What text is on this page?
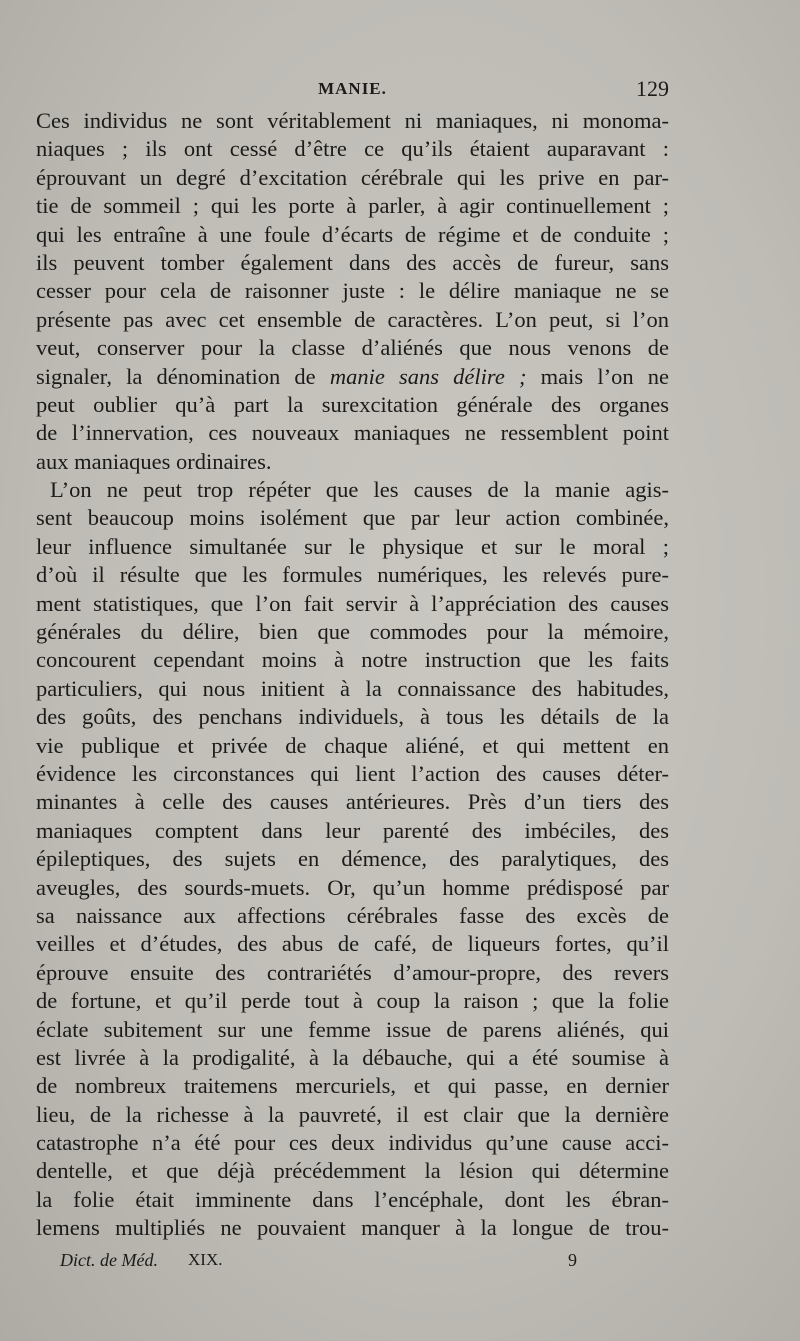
MANIE.	129
Ces individus ne sont véritablement ni maniaques, ni monoma-
niaques ; ils ont cessé d’être ce qu’ils étaient auparavant :
éprouvant un degré d’excitation cérébrale qui les prive en par-
tie de sommeil ; qui les porte à parler, à agir continuellement ;
qui les entraîne à une foule d’écarts de régime et de conduite ;
ils peuvent tomber également dans des accès de fureur, sans
cesser pour cela de raisonner juste : le délire maniaque ne se
présente pas avec cet ensemble de caractères. L’on peut, si l’on
veut, conserver pour la classe d’aliénés que nous venons de
signaler, la dénomination de manie sans délire ; mais l’on ne
peut oublier qu’à part la surexcitation générale des organes
de l’innervation, ces nouveaux maniaques ne ressemblent point
aux maniaques ordinaires.
L’on ne peut trop répéter que les causes de la manie agis-
sent beaucoup moins isolément que par leur action combinée,
leur influence simultanée sur le physique et sur le moral ;
d’où il résulte que les formules numériques, les relevés pure-
ment statistiques, que l’on fait servir à l’appréciation des causes
générales du délire, bien que commodes pour la mémoire,
concourent cependant moins à notre instruction que les faits
particuliers, qui nous initient à la connaissance des habitudes,
des goûts, des penchans individuels, à tous les détails de la
vie publique et privée de chaque aliéné, et qui mettent en
évidence les circonstances qui lient l’action des causes déter-
minantes à celle des causes antérieures. Près d’un tiers des
maniaques comptent dans leur parenté des imbéciles, des
épileptiques, des sujets en démence, des paralytiques, des
aveugles, des sourds-muets. Or, qu’un homme prédisposé par
sa naissance aux affections cérébrales fasse des excès de
veilles et d’études, des abus de café, de liqueurs fortes, qu’il
éprouve ensuite des contrariétés d’amour-propre, des revers
de fortune, et qu’il perde tout à coup la raison ; que la folie
éclate subitement sur une femme issue de parens aliénés, qui
est livrée à la prodigalité, à la débauche, qui a été soumise à
de nombreux traitemens mercuriels, et qui passe, en dernier
lieu, de la richesse à la pauvreté, il est clair que la dernière
catastrophe n’a été pour ces deux individus qu’une cause acci-
dentelle, et que déjà précédemment la lésion qui détermine
la folie était imminente dans l’encéphale, dont les ébran-
lemens multipliés ne pouvaient manquer à la longue de trou-
Dict. de Méd. XIX.	9
